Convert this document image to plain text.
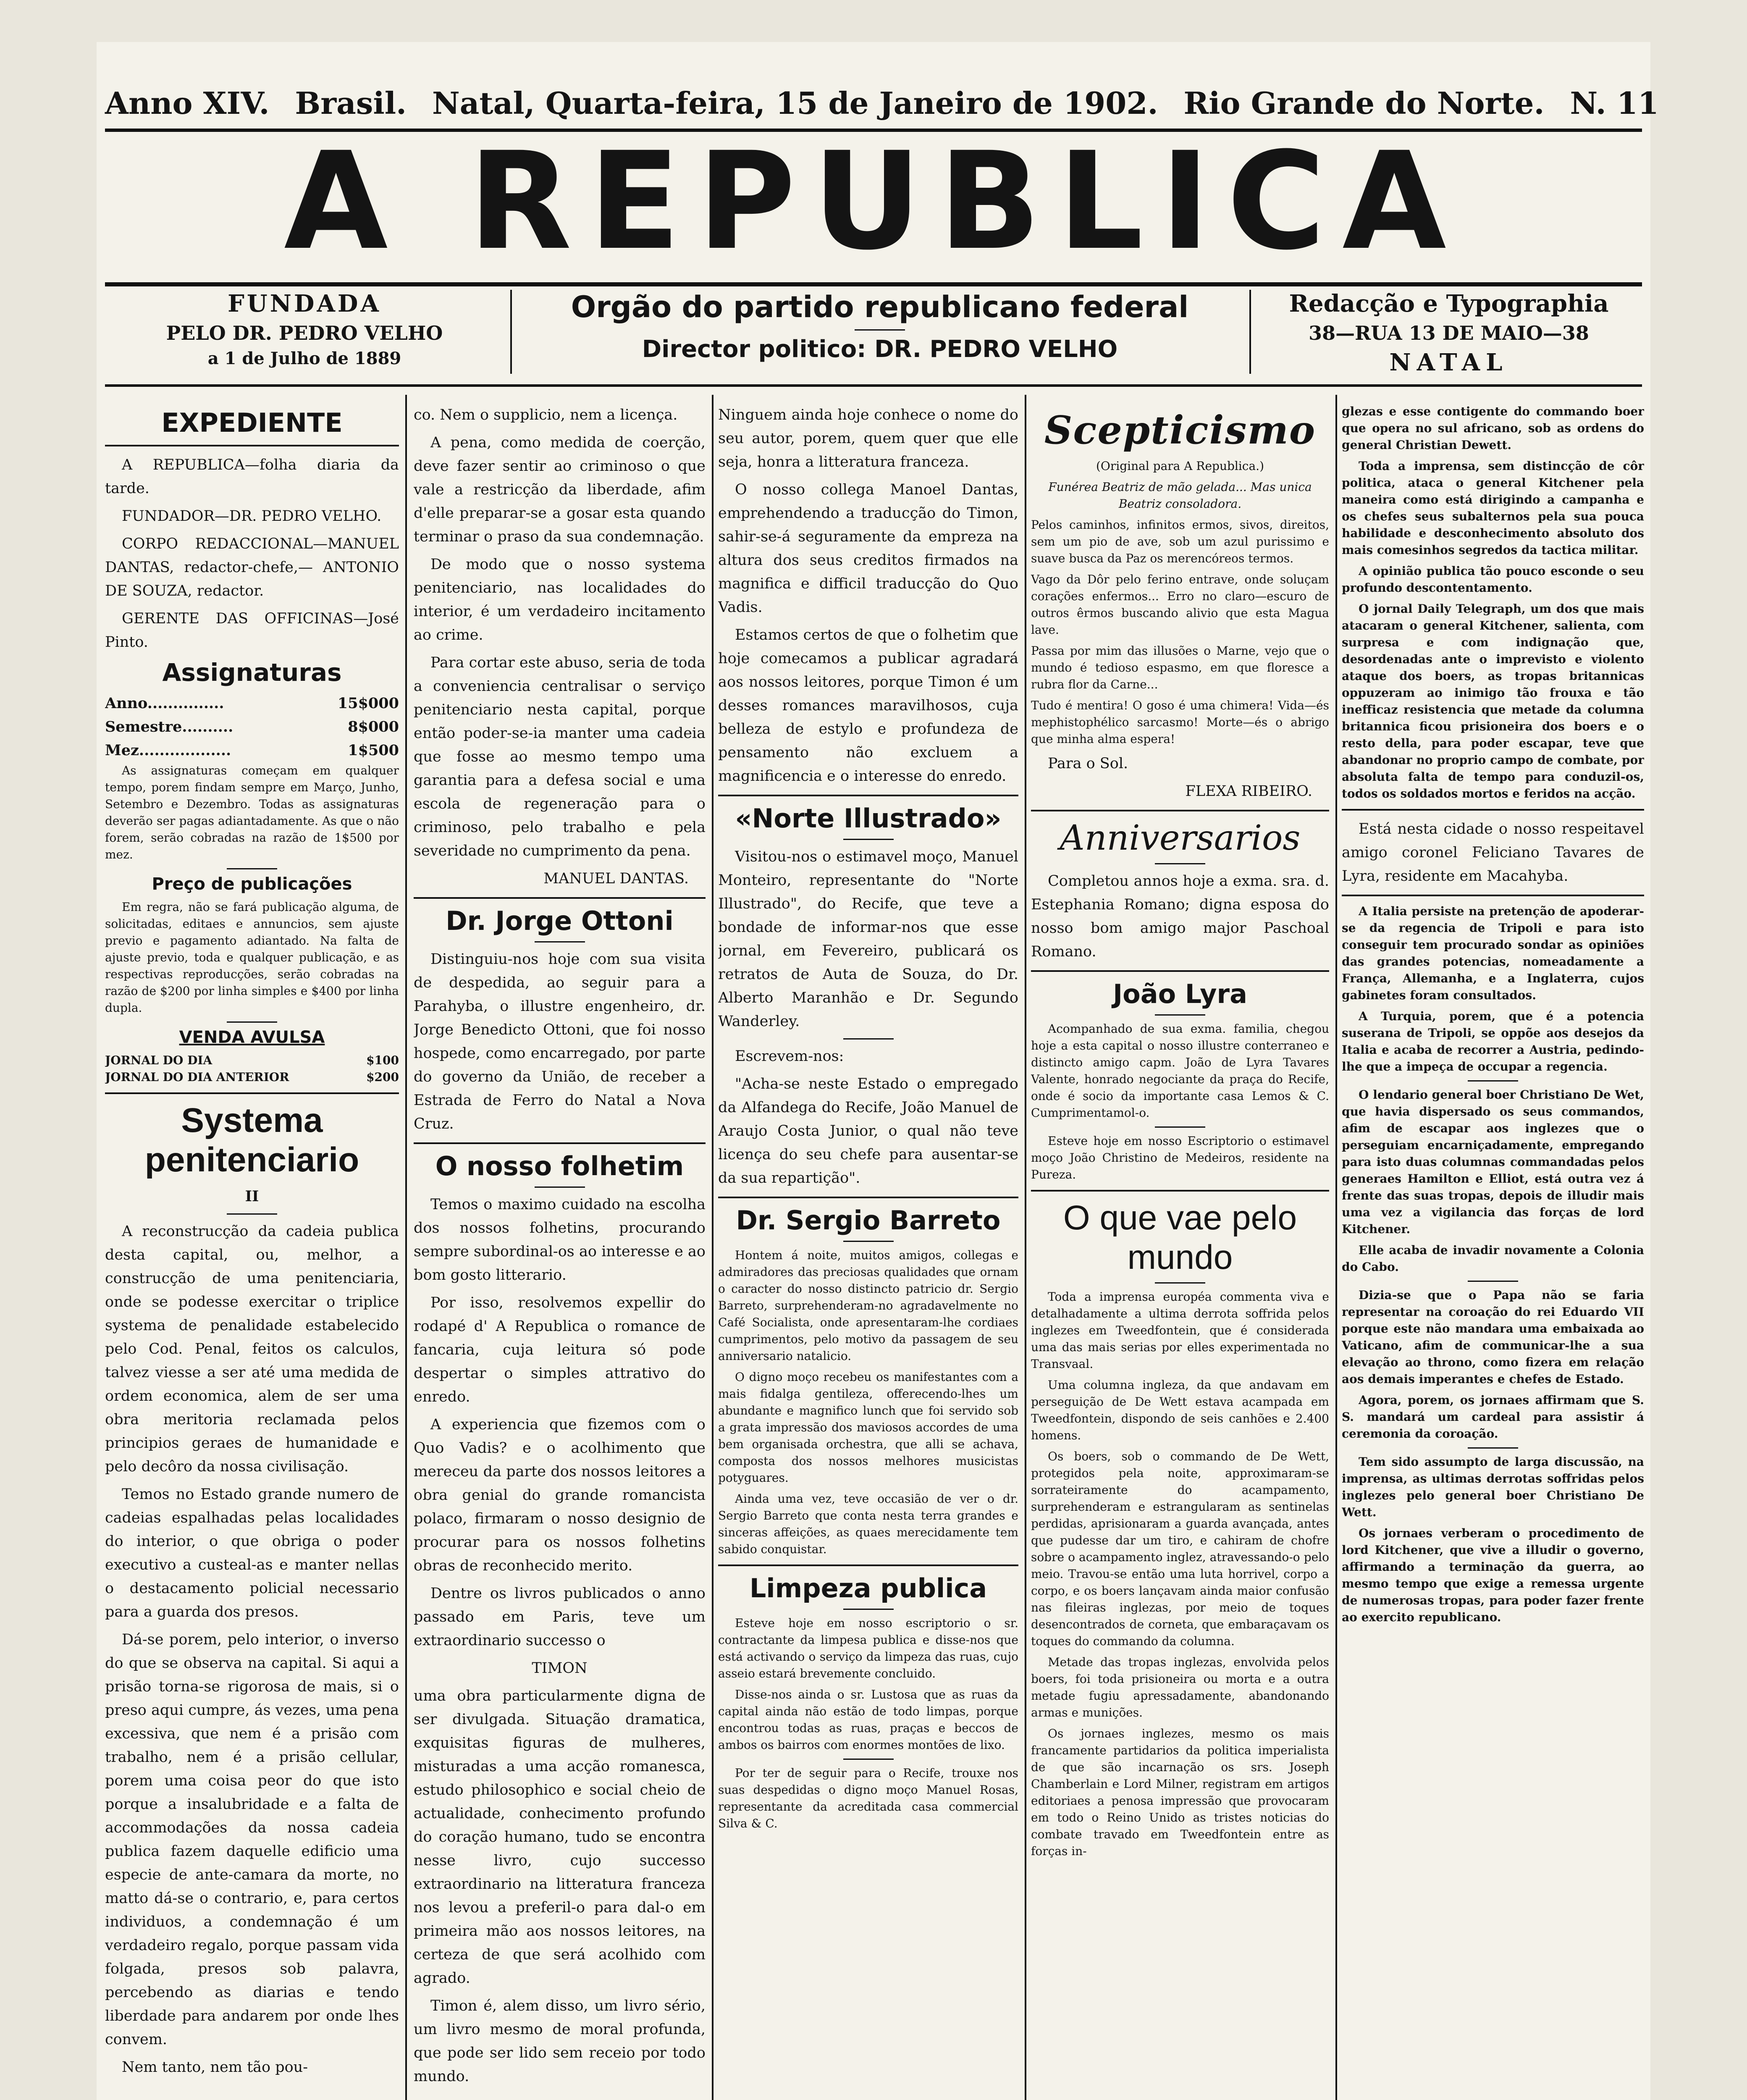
Anno XIV. Brasil. Natal, Quarta-feira, 15 de Janeiro de 1902. Rio Grande do Norte. N. 11
A REPUBLICA
FUNDADA
PELO DR. PEDRO VELHO
a 1 de Julho de 1889
Orgão do partido republicano federal
Director politico: DR. PEDRO VELHO
Redacção e Typographia
38—RUA 13 DE MAIO—38
NATAL
EXPEDIENTE

A REPUBLICA—folha diaria da tarde.

FUNDADOR—DR. PEDRO VELHO.

CORPO REDACCIONAL—MANUEL DANTAS, redactor-chefe,— ANTONIO DE SOUZA, redactor.

GERENTE DAS OFFICINAS—José Pinto.

Assignaturas
Anno...............	15$000
Semestre..........	8$000
Mez..................	1$500

As assignaturas começam em qualquer tempo, porem findam sempre em Março, Junho, Setembro e Dezembro. Todas as assignaturas deverão ser pagas adiantadamente. As que o não forem, serão cobradas na razão de 1$500 por mez.

Preço de publicações

Em regra, não se fará publicação alguma, de solicitadas, editaes e annuncios, sem ajuste previo e pagamento adiantado. Na falta de ajuste previo, toda e qualquer publicação, e as respectivas reproducções, serão cobradas na razão de $200 por linha simples e $400 por linha dupla.

VENDA AVULSA
JORNAL DO DIA	$100
JORNAL DO DIA ANTERIOR	$200
Systema penitenciario
II

A reconstrucção da cadeia publica desta capital, ou, melhor, a construcção de uma penitenciaria, onde se podesse exercitar o triplice systema de penalidade estabelecido pelo Cod. Penal, feitos os calculos, talvez viesse a ser até uma medida de ordem economica, alem de ser uma obra meritoria reclamada pelos principios geraes de humanidade e pelo decôro da nossa civilisação.

Temos no Estado grande numero de cadeias espalhadas pelas localidades do interior, o que obriga o poder executivo a custeal-as e manter nellas o destacamento policial necessario para a guarda dos presos.

Dá-se porem, pelo interior, o inverso do que se observa na capital. Si aqui a prisão torna-se rigorosa de mais, si o preso aqui cumpre, ás vezes, uma pena excessiva, que nem é a prisão com trabalho, nem é a prisão cellular, porem uma coisa peor do que isto porque a insalubridade e a falta de accommodações da nossa cadeia publica fazem daquelle edificio uma especie de ante-camara da morte, no matto dá-se o contrario, e, para certos individuos, a condemnação é um verdadeiro regalo, porque passam vida folgada, presos sob palavra, percebendo as diarias e tendo liberdade para andarem por onde lhes convem.

Nem tanto, nem tão pou-

co. Nem o supplicio, nem a licença.

A pena, como medida de coerção, deve fazer sentir ao criminoso o que vale a restricção da liberdade, afim d'elle preparar-se a gosar esta quando terminar o praso da sua condemnação.

De modo que o nosso systema penitenciario, nas localidades do interior, é um verdadeiro incitamento ao crime.

Para cortar este abuso, seria de toda a conveniencia centralisar o serviço penitenciario nesta capital, porque então poder-se-ia manter uma cadeia que fosse ao mesmo tempo uma garantia para a defesa social e uma escola de regeneração para o criminoso, pelo trabalho e pela severidade no cumprimento da pena.

MANUEL DANTAS.
Dr. Jorge Ottoni

Distinguiu-nos hoje com sua visita de despedida, ao seguir para a Parahyba, o illustre engenheiro, dr. Jorge Benedicto Ottoni, que foi nosso hospede, como encarregado, por parte do governo da União, de receber a Estrada de Ferro do Natal a Nova Cruz.

O nosso folhetim

Temos o maximo cuidado na escolha dos nossos folhetins, procurando sempre subordinal-os ao interesse e ao bom gosto litterario.

Por isso, resolvemos expellir do rodapé d' A Republica o romance de fancaria, cuja leitura só pode despertar o simples attrativo do enredo.

A experiencia que fizemos com o Quo Vadis? e o acolhimento que mereceu da parte dos nossos leitores a obra genial do grande romancista polaco, firmaram o nosso designio de procurar para os nossos folhetins obras de reconhecido merito.

Dentre os livros publicados o anno passado em Paris, teve um extraordinario successo o

TIMON

uma obra particularmente digna de ser divulgada. Situação dramatica, exquisitas figuras de mulheres, misturadas a uma acção romanesca, estudo philosophico e social cheio de actualidade, conhecimento profundo do coração humano, tudo se encontra nesse livro, cujo successo extraordinario na litteratura franceza nos levou a preferil-o para dal-o em primeira mão aos nossos leitores, na certeza de que será acolhido com agrado.

Timon é, alem disso, um livro sério, um livro mesmo de moral profunda, que pode ser lido sem receio por todo mundo.

Ninguem ainda hoje conhece o nome do seu autor, porem, quem quer que elle seja, honra a litteratura franceza.

O nosso collega Manoel Dantas, emprehendendo a traducção do Timon, sahir-se-á seguramente da empreza na altura dos seus creditos firmados na magnifica e difficil traducção do Quo Vadis.

Estamos certos de que o folhetim que hoje comecamos a publicar agradará aos nossos leitores, porque Timon é um desses romances maravilhosos, cuja belleza de estylo e profundeza de pensamento não excluem a magnificencia e o interesse do enredo.

«Norte Illustrado»

Visitou-nos o estimavel moço, Manuel Monteiro, representante do "Norte Illustrado", do Recife, que teve a bondade de informar-nos que esse jornal, em Fevereiro, publicará os retratos de Auta de Souza, do Dr. Alberto Maranhão e Dr. Segundo Wanderley.

Escrevem-nos:

"Acha-se neste Estado o empregado da Alfandega do Recife, João Manuel de Araujo Costa Junior, o qual não teve licença do seu chefe para ausentar-se da sua repartição".

Dr. Sergio Barreto

Hontem á noite, muitos amigos, collegas e admiradores das preciosas qualidades que ornam o caracter do nosso distincto patricio dr. Sergio Barreto, surprehenderam-no agradavelmente no Café Socialista, onde apresentaram-lhe cordiaes cumprimentos, pelo motivo da passagem de seu anniversario natalicio.

O digno moço recebeu os manifestantes com a mais fidalga gentileza, offerecendo-lhes um abundante e magnifico lunch que foi servido sob a grata impressão dos maviosos accordes de uma bem organisada orchestra, que alli se achava, composta dos nossos melhores musicistas potyguares.

Ainda uma vez, teve occasião de ver o dr. Sergio Barreto que conta nesta terra grandes e sinceras affeições, as quaes merecidamente tem sabido conquistar.

Limpeza publica

Esteve hoje em nosso escriptorio o sr. contractante da limpesa publica e disse-nos que está activando o serviço da limpeza das ruas, cujo asseio estará brevemente concluido.

Disse-nos ainda o sr. Lustosa que as ruas da capital ainda não estão de todo limpas, porque encontrou todas as ruas, praças e beccos de ambos os bairros com enormes montões de lixo.

Por ter de seguir para o Recife, trouxe nos suas despedidas o digno moço Manuel Rosas, representante da acreditada casa commercial Silva & C.

Scepticismo
(Original para A Republica.)
Funérea Beatriz de mão gelada... Mas unica Beatriz consoladora.

Pelos caminhos, infinitos ermos, sivos, direitos, sem um pio de ave, sob um azul purissimo e suave busca da Paz os merencóreos termos.

Vago da Dôr pelo ferino entrave, onde soluçam corações enfermos... Erro no claro—escuro de outros êrmos buscando alivio que esta Magua lave.

Passa por mim das illusões o Marne, vejo que o mundo é tedioso espasmo, em que floresce a rubra flor da Carne...

Tudo é mentira! O goso é uma chimera! Vida—és mephistophélico sarcasmo! Morte—és o abrigo que minha alma espera!

Para o Sol.

FLEXA RIBEIRO.
Anniversarios

Completou annos hoje a exma. sra. d. Estephania Romano; digna esposa do nosso bom amigo major Paschoal Romano.

João Lyra

Acompanhado de sua exma. familia, chegou hoje a esta capital o nosso illustre conterraneo e distincto amigo capm. João de Lyra Tavares Valente, honrado negociante da praça do Recife, onde é socio da importante casa Lemos & C. Cumprimentamol-o.

Esteve hoje em nosso Escriptorio o estimavel moço João Christino de Medeiros, residente na Pureza.

O que vae pelo mundo

Toda a imprensa européa commenta viva e detalhadamente a ultima derrota soffrida pelos inglezes em Tweedfontein, que é considerada uma das mais serias por elles experimentada no Transvaal.

Uma columna ingleza, da que andavam em perseguição de De Wett estava acampada em Tweedfontein, dispondo de seis canhões e 2.400 homens.

Os boers, sob o commando de De Wett, protegidos pela noite, approximaram-se sorrateiramente do acampamento, surprehenderam e estrangularam as sentinelas perdidas, aprisionaram a guarda avançada, antes que pudesse dar um tiro, e cahiram de chofre sobre o acampamento inglez, atravessando-o pelo meio. Travou-se então uma luta horrivel, corpo a corpo, e os boers lançavam ainda maior confusão nas fileiras inglezas, por meio de toques desencontrados de corneta, que embaraçavam os toques do commando da columna.

Metade das tropas inglezas, envolvida pelos boers, foi toda prisioneira ou morta e a outra metade fugiu apressadamente, abandonando armas e munições.

Os jornaes inglezes, mesmo os mais francamente partidarios da politica imperialista de que são incarnação os srs. Joseph Chamberlain e Lord Milner, registram em artigos editoriaes a penosa impressão que provocaram em todo o Reino Unido as tristes noticias do combate travado em Tweedfontein entre as forças in-

glezas e esse contigente do commando boer que opera no sul africano, sob as ordens do general Christian Dewett.

Toda a imprensa, sem distincção de côr politica, ataca o general Kitchener pela maneira como está dirigindo a campanha e os chefes seus subalternos pela sua pouca habilidade e desconhecimento absoluto dos mais comesinhos segredos da tactica militar.

A opinião publica tão pouco esconde o seu profundo descontentamento.

O jornal Daily Telegraph, um dos que mais atacaram o general Kitchener, salienta, com surpresa e com indignação que, desordenadas ante o imprevisto e violento ataque dos boers, as tropas britannicas oppuzeram ao inimigo tão frouxa e tão inefficaz resistencia que metade da columna britannica ficou prisioneira dos boers e o resto della, para poder escapar, teve que abandonar no proprio campo de combate, por absoluta falta de tempo para conduzil-os, todos os soldados mortos e feridos na acção.

Está nesta cidade o nosso respeitavel amigo coronel Feliciano Tavares de Lyra, residente em Macahyba.

A Italia persiste na pretenção de apoderar-se da regencia de Tripoli e para isto conseguir tem procurado sondar as opiniões das grandes potencias, nomeadamente a França, Allemanha, e a Inglaterra, cujos gabinetes foram consultados.

A Turquia, porem, que é a potencia suserana de Tripoli, se oppõe aos desejos da Italia e acaba de recorrer a Austria, pedindo-lhe que a impeça de occupar a regencia.

O lendario general boer Christiano De Wet, que havia dispersado os seus commandos, afim de escapar aos inglezes que o perseguiam encarniçadamente, empregando para isto duas columnas commandadas pelos generaes Hamilton e Elliot, está outra vez á frente das suas tropas, depois de illudir mais uma vez a vigilancia das forças de lord Kitchener.

Elle acaba de invadir novamente a Colonia do Cabo.

Dizia-se que o Papa não se faria representar na coroação do rei Eduardo VII porque este não mandara uma embaixada ao Vaticano, afim de communicar-lhe a sua elevação ao throno, como fizera em relação aos demais imperantes e chefes de Estado.

Agora, porem, os jornaes affirmam que S. S. mandará um cardeal para assistir á ceremonia da coroação.

Tem sido assumpto de larga discussão, na imprensa, as ultimas derrotas soffridas pelos inglezes pelo general boer Christiano De Wett.

Os jornaes verberam o procedimento de lord Kitchener, que vive a illudir o governo, affirmando a terminação da guerra, ao mesmo tempo que exige a remessa urgente de numerosas tropas, para poder fazer frente ao exercito republicano.
